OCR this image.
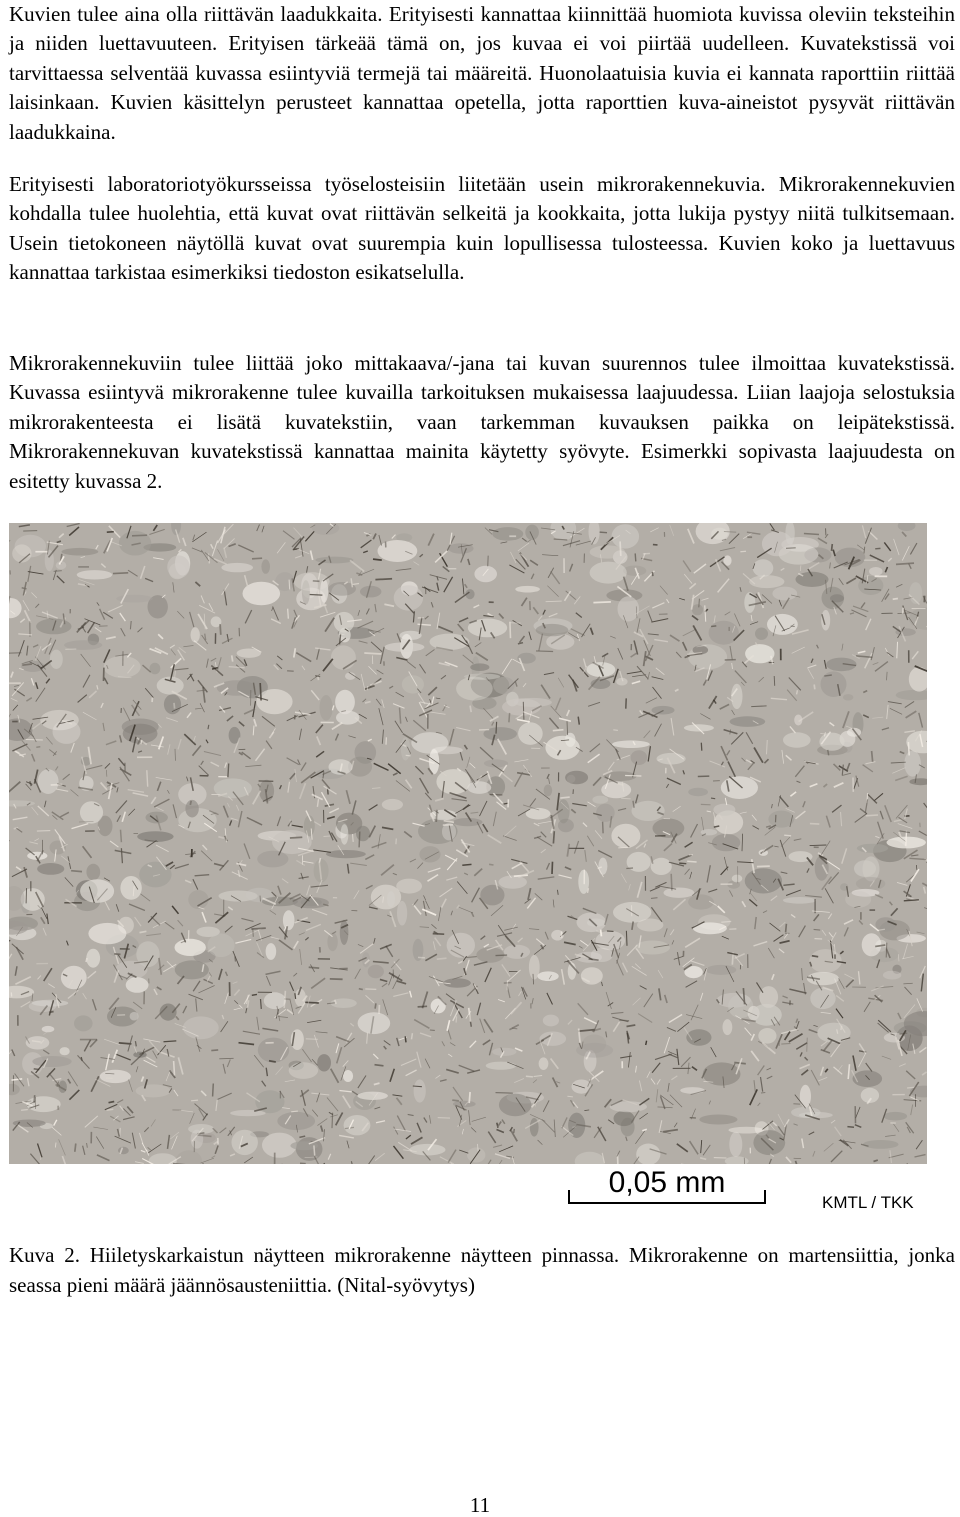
Kuvien tulee aina olla riittävän laadukkaita. Erityisesti kannattaa kiinnittää huomiota kuvissa oleviin teksteihin ja niiden luettavuuteen. Erityisen tärkeää tämä on, jos kuvaa ei voi piirtää uudelleen. Kuvatekstissä voi tarvittaessa selventää kuvassa esiintyviä termejä tai määreitä. Huonolaatuisia kuvia ei kannata raporttiin riittää laisinkaan. Kuvien käsittelyn perusteet kannattaa opetella, jotta raporttien kuva-aineistot pysyvät riittävän laadukkaina.

Erityisesti laboratoriotyökursseissa työselosteisiin liitetään usein mikrorakennekuvia. Mikrorakennekuvien kohdalla tulee huolehtia, että kuvat ovat riittävän selkeitä ja kookkaita, jotta lukija pystyy niitä tulkitsemaan. Usein tietokoneen näytöllä kuvat ovat suurempia kuin lopullisessa tulosteessa. Kuvien koko ja luettavuus kannattaa tarkistaa esimerkiksi tiedoston esikatselulla.

Mikrorakennekuviin tulee liittää joko mittakaava/-jana tai kuvan suurennos tulee ilmoittaa kuvatekstissä. Kuvassa esiintyvä mikrorakenne tulee kuvailla tarkoituksen mukaisessa laajuudessa. Liian laajoja selostuksia mikrorakenteesta ei lisätä kuvatekstiin, vaan tarkemman kuvauksen paikka on leipätekstissä. Mikrorakennekuvan kuvatekstissä kannattaa mainita käytetty syövyte. Esimerkki sopivasta laajuudesta on esitetty kuvassa 2.

0,05 mm
KMTL / TKK

Kuva 2. Hiiletyskarkaistun näytteen mikrorakenne näytteen pinnassa. Mikrorakenne on martensiittia, jonka seassa pieni määrä jäännösausteniittia. (Nital-syövytys)

11
